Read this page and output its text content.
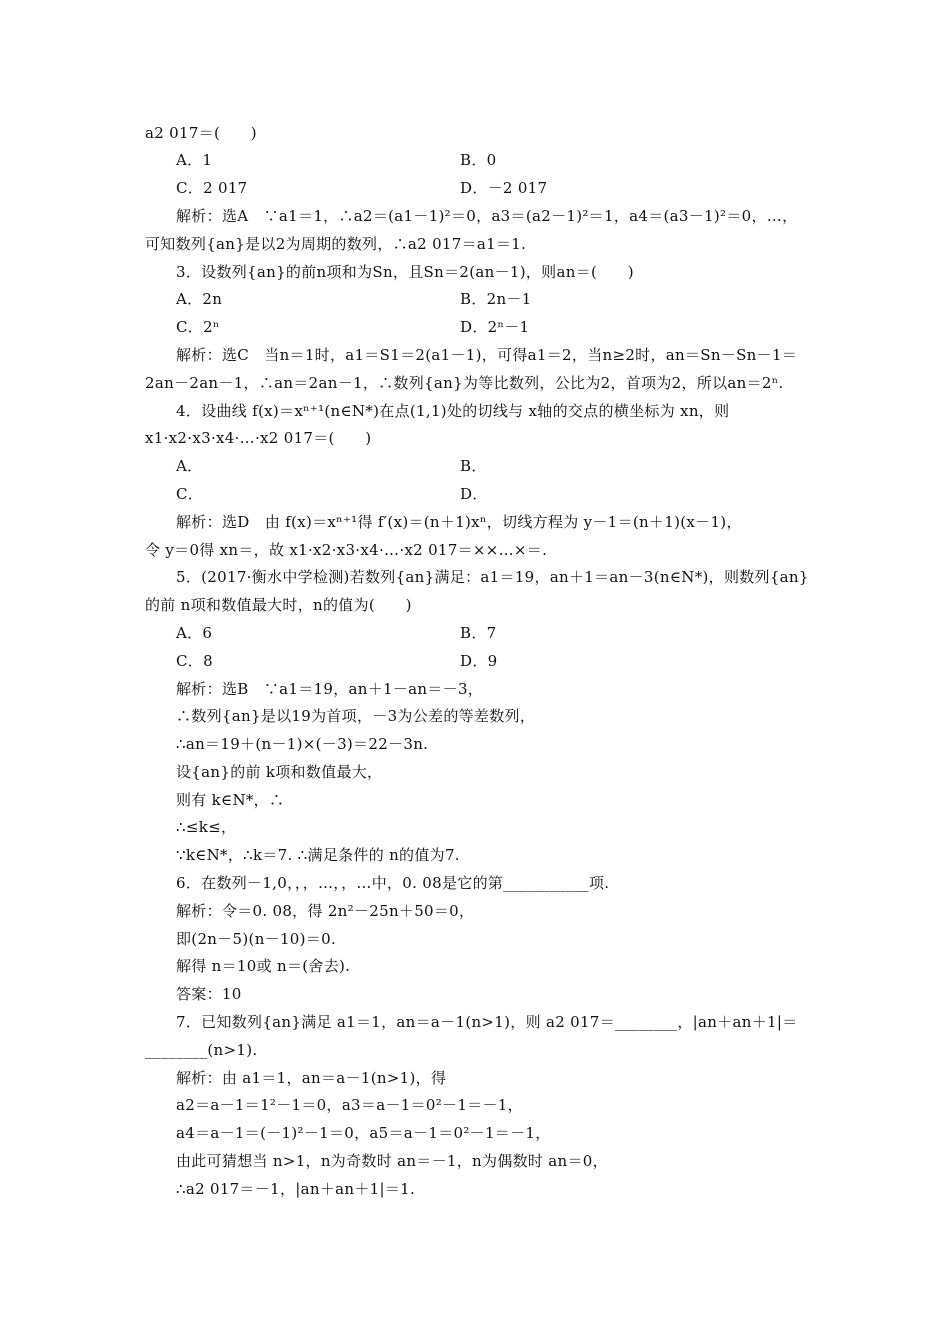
a2 017＝(　　)
A．1	B．0
C．2 017	D．－2 017
解析：选A　∵a1＝1，∴a2＝(a1－1)²＝0，a3＝(a2－1)²＝1，a4＝(a3－1)²＝0，…，
可知数列{an}是以2为周期的数列，∴a2 017＝a1＝1.
3．设数列{an}的前n项和为Sn，且Sn＝2(an－1)，则an＝(　　)
A．2n	B．2n－1
C．2ⁿ	D．2ⁿ－1
解析：选C　当n＝1时，a1＝S1＝2(a1－1)，可得a1＝2，当n≥2时，an＝Sn－Sn－1＝
2an－2an－1，∴an＝2an－1，∴数列{an}为等比数列，公比为2，首项为2，所以an＝2ⁿ.
4．设曲线 f(x)＝xⁿ⁺¹(n∈N*)在点(1,1)处的切线与 x轴的交点的横坐标为 xn，则
x1·x2·x3·x4·…·x2 017＝(　　)
A．	B．
C．	D．
解析：选D　由 f(x)＝xⁿ⁺¹得 f′(x)＝(n＋1)xⁿ，切线方程为 y－1＝(n＋1)(x－1)，
令 y＝0得 xn＝，故 x1·x2·x3·x4·…·x2 017＝××…×＝.
5．(2017·衡水中学检测)若数列{an}满足：a1＝19，an＋1＝an－3(n∈N*)，则数列{an}
的前 n项和数值最大时，n的值为(　　)
A．6	B．7
C．8	D．9
解析：选B　∵a1＝19，an＋1－an＝－3，
∴数列{an}是以19为首项，－3为公差的等差数列，
∴an＝19＋(n－1)×(－3)＝22－3n.
设{an}的前 k项和数值最大，
则有 k∈N*，∴
∴≤k≤，
∵k∈N*，∴k＝7. ∴满足条件的 n的值为7.
6．在数列－1,0，，，…，，…中，0. 08是它的第___________项.
解析：令＝0. 08，得 2n²－25n＋50＝0，
即(2n－5)(n－10)＝0.
解得 n＝10或 n＝(舍去).
答案：10
7．已知数列{an}满足 a1＝1，an＝a－1(n>1)，则 a2 017＝________，|an＋an＋1|＝
________(n>1).
解析：由 a1＝1，an＝a－1(n>1)，得
a2＝a－1＝1²－1＝0，a3＝a－1＝0²－1＝－1，
a4＝a－1＝(－1)²－1＝0，a5＝a－1＝0²－1＝－1，
由此可猜想当 n>1，n为奇数时 an＝－1，n为偶数时 an＝0，
∴a2 017＝－1，|an＋an＋1|＝1.
